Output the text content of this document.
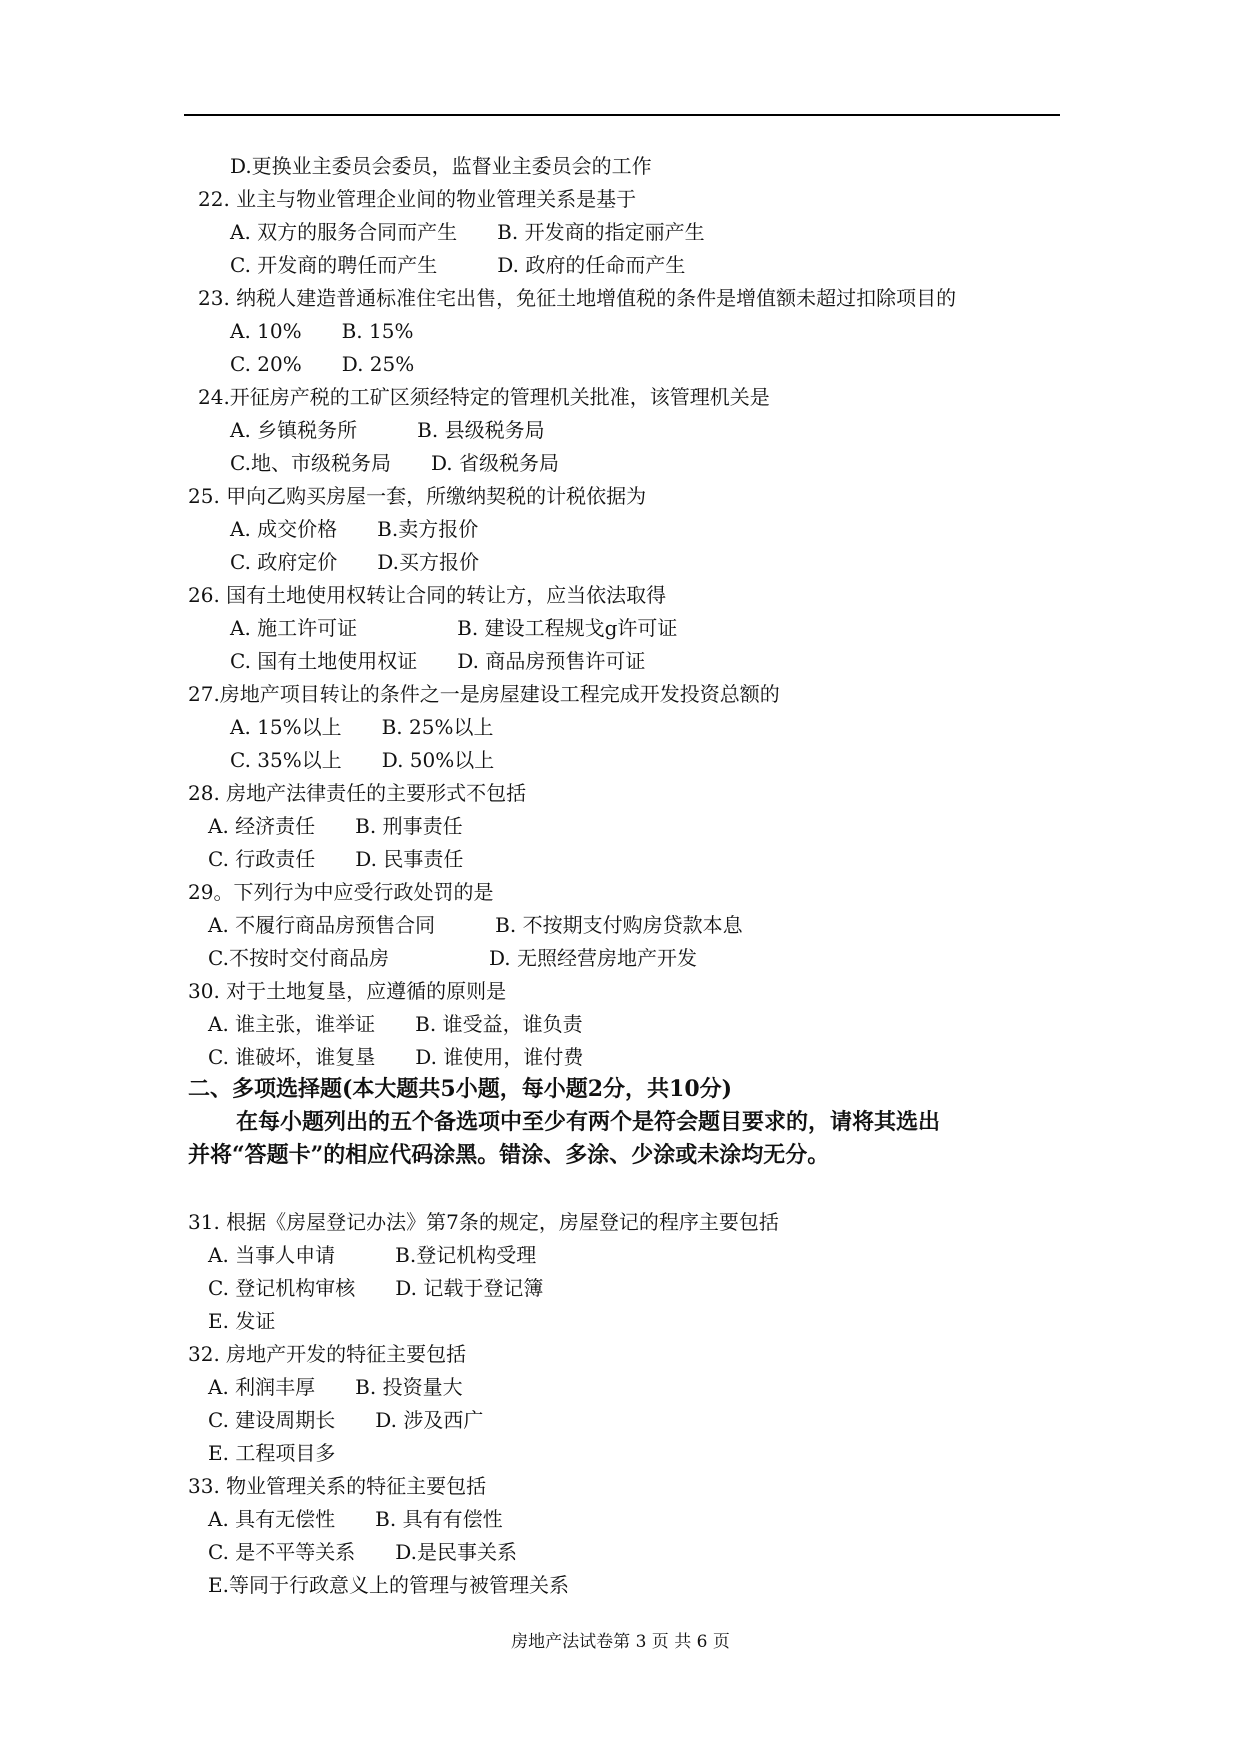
D.更换业主委员会委员，监督业主委员会的工作
22. 业主与物业管理企业间的物业管理关系是基于
A. 双方的服务合同而产生　　B. 开发商的指定丽产生
C. 开发商的聘任而产生　　　D. 政府的任命而产生
23. 纳税人建造普通标准住宅出售，免征土地增值税的条件是增值额未超过扣除项目的
A. 10%　　B. 15%
C. 20%　　D. 25%
24.开征房产税的工矿区须经特定的管理机关批准，该管理机关是
A. 乡镇税务所　　　B. 县级税务局
C.地、市级税务局　　D. 省级税务局
25. 甲向乙购买房屋一套，所缴纳契税的计税依据为
A. 成交价格　　B.卖方报价
C. 政府定价　　D.买方报价
26. 国有土地使用权转让合同的转让方，应当依法取得
A. 施工许可证　　　　　B. 建设工程规戈g许可证
C. 国有土地使用权证　　D. 商品房预售许可证
27.房地产项目转让的条件之一是房屋建设工程完成开发投资总额的
A. 15%以上　　B. 25%以上
C. 35%以上　　D. 50%以上
28. 房地产法律责任的主要形式不包括
A. 经济责任　　B. 刑事责任
C. 行政责任　　D. 民事责任
29。下列行为中应受行政处罚的是
A. 不履行商品房预售合同　　　B. 不按期支付购房贷款本息
C.不按时交付商品房　　　　　D. 无照经营房地产开发
30. 对于土地复垦，应遵循的原则是
A. 谁主张，谁举证　　B. 谁受益，谁负责
C. 谁破坏，谁复垦　　D. 谁使用，谁付费
二、多项选择题(本大题共5小题，每小题2分，共10分)
在每小题列出的五个备选项中至少有两个是符会题目要求的，请将其选出
并将“答题卡”的相应代码涂黑。错涂、多涂、少涂或未涂均无分。
31. 根据《房屋登记办法》第7条的规定，房屋登记的程序主要包括
A. 当事人申请　　　B.登记机构受理
C. 登记机构审核　　D. 记载于登记簿
E. 发证
32. 房地产开发的特征主要包括
A. 利润丰厚　　B. 投资量大
C. 建设周期长　　D. 涉及西广
E. 工程项目多
33. 物业管理关系的特征主要包括
A. 具有无偿性　　B. 具有有偿性
C. 是不平等关系　　D.是民事关系
E.等同于行政意义上的管理与被管理关系
房地产法试卷第 3 页 共 6 页
